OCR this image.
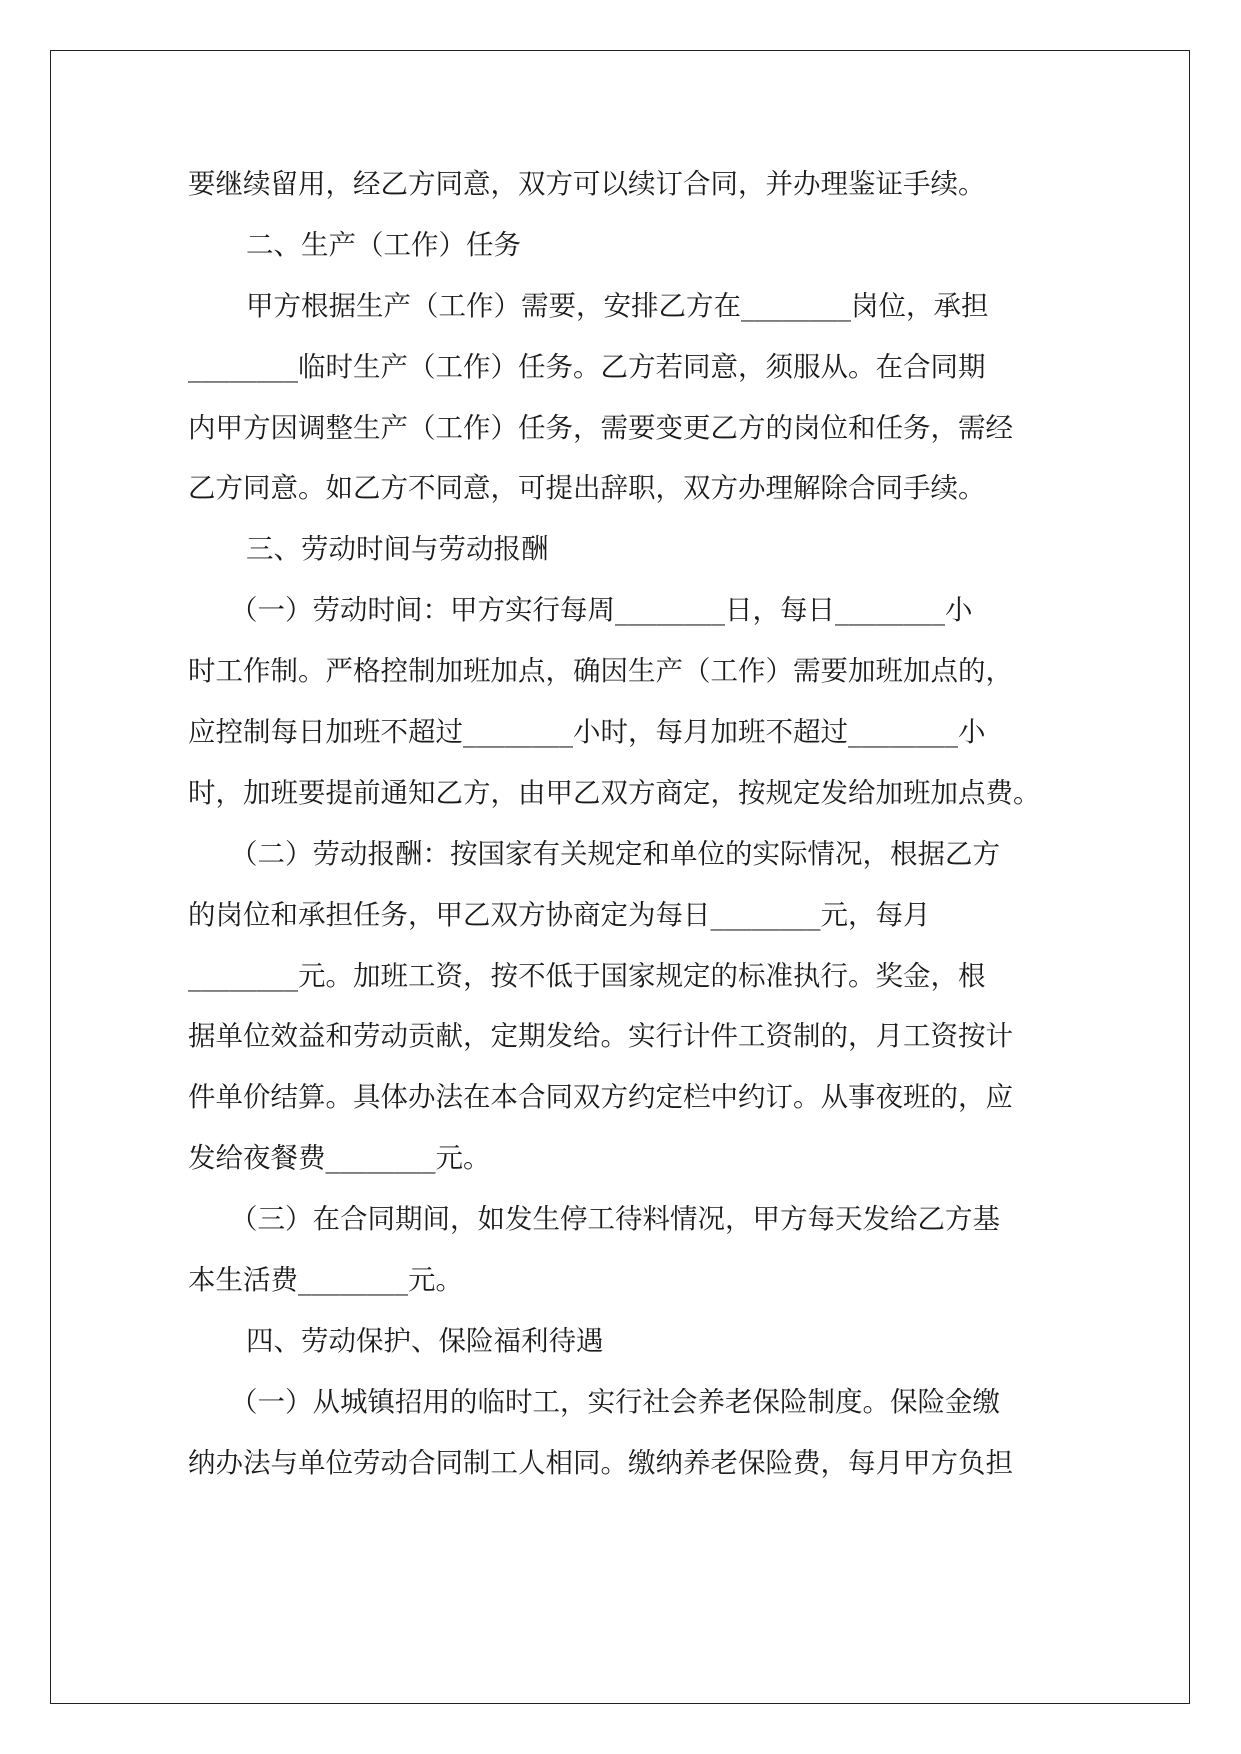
要继续留用，经乙方同意，双方可以续订合同，并办理鉴证手续。
二、生产（工作）任务
甲方根据生产（工作）需要，安排乙方在________岗位，承担
________临时生产（工作）任务。乙方若同意，须服从。在合同期
内甲方因调整生产（工作）任务，需要变更乙方的岗位和任务，需经
乙方同意。如乙方不同意，可提出辞职，双方办理解除合同手续。
三、劳动时间与劳动报酬
（一）劳动时间：甲方实行每周________日，每日________小
时工作制。严格控制加班加点，确因生产（工作）需要加班加点的，
应控制每日加班不超过________小时，每月加班不超过________小
时，加班要提前通知乙方，由甲乙双方商定，按规定发给加班加点费。
（二）劳动报酬：按国家有关规定和单位的实际情况，根据乙方
的岗位和承担任务，甲乙双方协商定为每日________元，每月
________元。加班工资，按不低于国家规定的标准执行。奖金，根
据单位效益和劳动贡献，定期发给。实行计件工资制的，月工资按计
件单价结算。具体办法在本合同双方约定栏中约订。从事夜班的，应
发给夜餐费________元。
（三）在合同期间，如发生停工待料情况，甲方每天发给乙方基
本生活费________元。
四、劳动保护、保险福利待遇
（一）从城镇招用的临时工，实行社会养老保险制度。保险金缴
纳办法与单位劳动合同制工人相同。缴纳养老保险费，每月甲方负担
